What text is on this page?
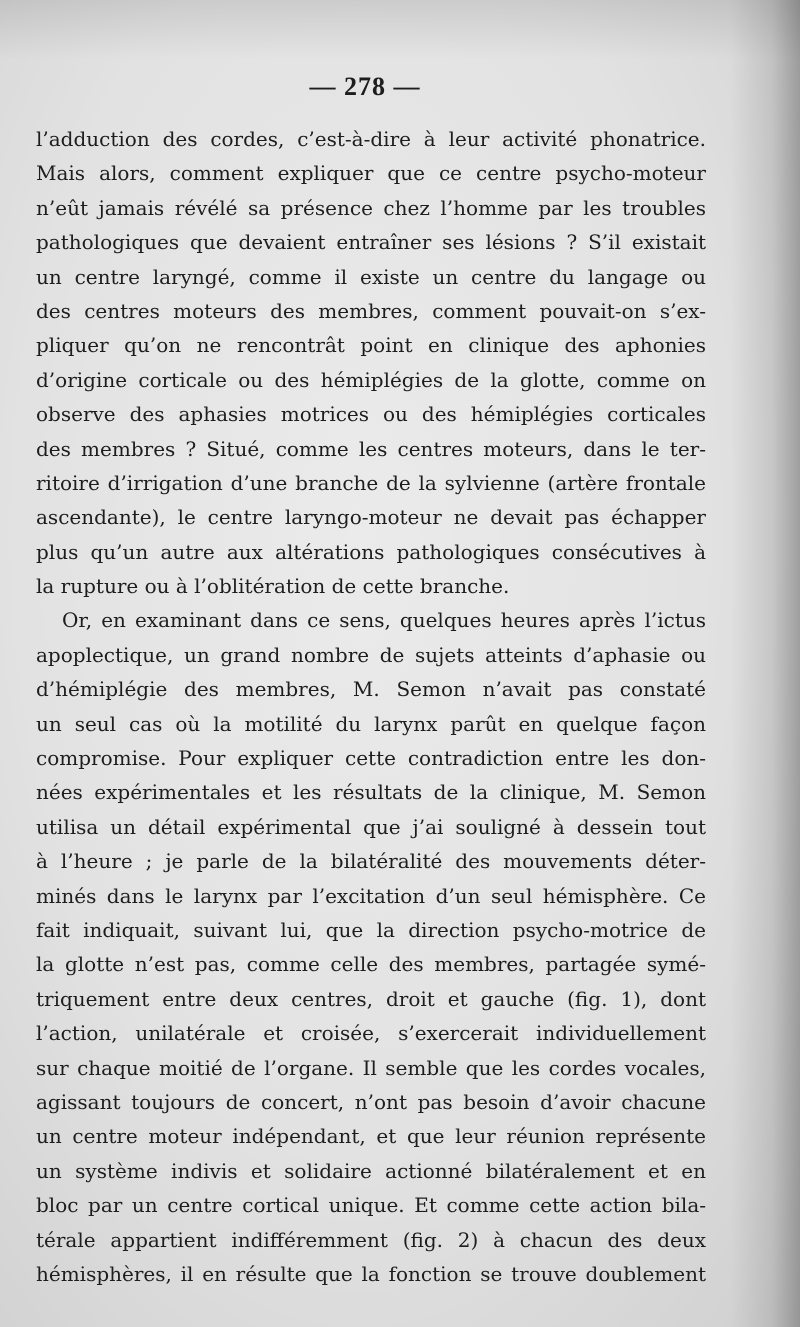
— 278 —
l’adduction des cordes, c’est-à-dire à leur activité phonatrice.
Mais alors, comment expliquer que ce centre psycho-moteur
n’eût jamais révélé sa présence chez l’homme par les troubles
pathologiques que devaient entraîner ses lésions ? S’il existait
un centre laryngé, comme il existe un centre du langage ou
des centres moteurs des membres, comment pouvait-on s’ex-
pliquer qu’on ne rencontrât point en clinique des aphonies
d’origine corticale ou des hémiplégies de la glotte, comme on
observe des aphasies motrices ou des hémiplégies corticales
des membres ? Situé, comme les centres moteurs, dans le ter-
ritoire d’irrigation d’une branche de la sylvienne (artère frontale
ascendante), le centre laryngo-moteur ne devait pas échapper
plus qu’un autre aux altérations pathologiques consécutives à
la rupture ou à l’oblitération de cette branche.
Or, en examinant dans ce sens, quelques heures après l’ictus
apoplectique, un grand nombre de sujets atteints d’aphasie ou
d’hémiplégie des membres, M. Semon n’avait pas constaté
un seul cas où la motilité du larynx parût en quelque façon
compromise. Pour expliquer cette contradiction entre les don-
nées expérimentales et les résultats de la clinique, M. Semon
utilisa un détail expérimental que j’ai souligné à dessein tout
à l’heure ; je parle de la bilatéralité des mouvements déter-
minés dans le larynx par l’excitation d’un seul hémisphère. Ce
fait indiquait, suivant lui, que la direction psycho-motrice de
la glotte n’est pas, comme celle des membres, partagée symé-
triquement entre deux centres, droit et gauche (fig. 1), dont
l’action, unilatérale et croisée, s’exercerait individuellement
sur chaque moitié de l’organe. Il semble que les cordes vocales,
agissant toujours de concert, n’ont pas besoin d’avoir chacune
un centre moteur indépendant, et que leur réunion représente
un système indivis et solidaire actionné bilatéralement et en
bloc par un centre cortical unique. Et comme cette action bila-
térale appartient indifféremment (fig. 2) à chacun des deux
hémisphères, il en résulte que la fonction se trouve doublement
